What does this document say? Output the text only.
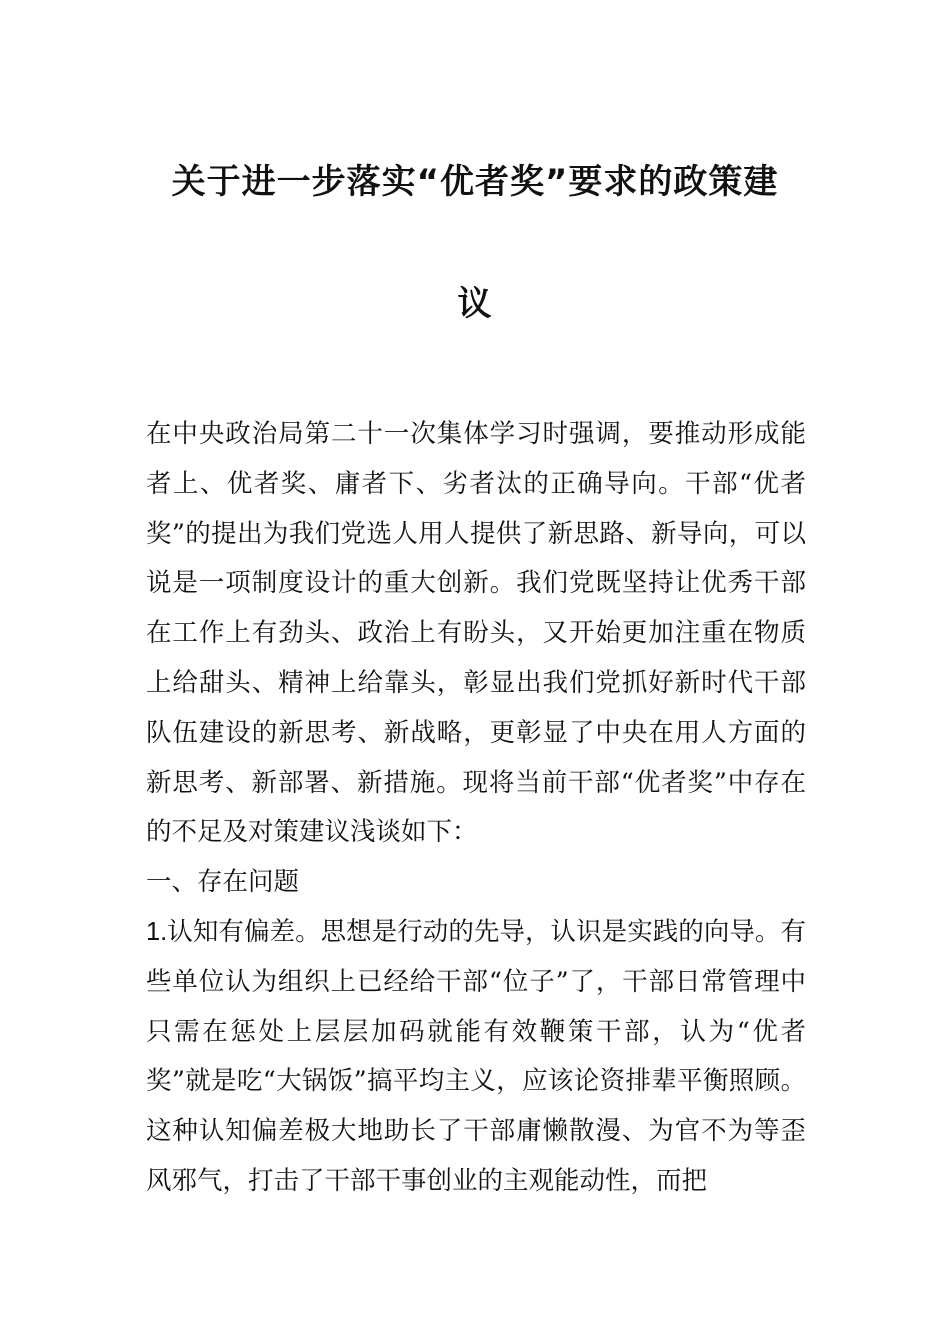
关于进一步落实“优者奖”要求的政策建
议

在中央政治局第二十一次集体学习时强调，要推动形成能者上、优者奖、庸者下、劣者汰的正确导向。干部“优者奖”的提出为我们党选人用人提供了新思路、新导向，可以说是一项制度设计的重大创新。我们党既坚持让优秀干部在工作上有劲头、政治上有盼头，又开始更加注重在物质上给甜头、精神上给靠头，彰显出我们党抓好新时代干部队伍建设的新思考、新战略，更彰显了中央在用人方面的新思考、新部署、新措施。现将当前干部“优者奖”中存在的不足及对策建议浅谈如下：

一、存在问题

1.认知有偏差。思想是行动的先导，认识是实践的向导。有些单位认为组织上已经给干部“位子”了，干部日常管理中只需在惩处上层层加码就能有效鞭策干部，认为“优者奖”就是吃“大锅饭”搞平均主义，应该论资排辈平衡照顾。这种认知偏差极大地助长了干部庸懒散漫、为官不为等歪风邪气，打击了干部干事创业的主观能动性，而把
